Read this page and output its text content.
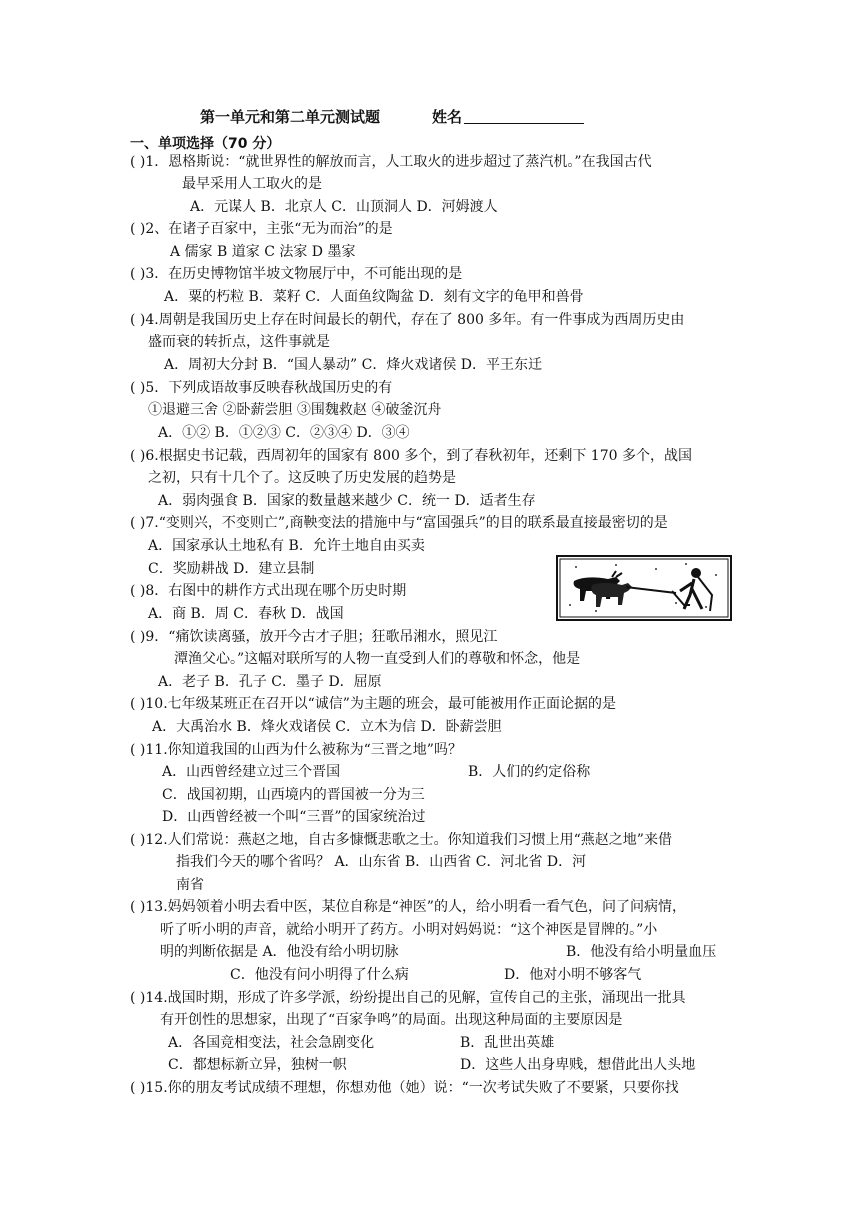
第一单元和第二单元测试题	姓名
一、单项选择（70 分）
( )1．恩格斯说：“就世界性的解放而言，人工取火的进步超过了蒸汽机。”在我国古代
最早采用人工取火的是
A．元谋人 B．北京人 C．山顶洞人 D．河姆渡人
( )2、在诸子百家中，主张“无为而治”的是
A 儒家 B 道家 C 法家 D 墨家
( )3．在历史博物馆半坡文物展厅中，不可能出现的是
A．粟的朽粒 B．菜籽 C．人面鱼纹陶盆 D．刻有文字的龟甲和兽骨
( )4.周朝是我国历史上存在时间最长的朝代，存在了 800 多年。有一件事成为西周历史由
盛而衰的转折点，这件事就是
A．周初大分封 B．“国人暴动” C．烽火戏诸侯 D．平王东迁
( )5．下列成语故事反映春秋战国历史的有
①退避三舍 ②卧薪尝胆 ③围魏救赵 ④破釜沉舟
A．①② B．①②③ C．②③④ D．③④
( )6.根据史书记载，西周初年的国家有 800 多个，到了春秋初年，还剩下 170 多个，战国
之初，只有十几个了。这反映了历史发展的趋势是
A．弱肉强食 B．国家的数量越来越少 C．统一 D．适者生存
( )7.“变则兴，不变则亡”,商鞅变法的措施中与“富国强兵”的目的联系最直接最密切的是
A．国家承认土地私有 B．允许土地自由买卖
C．奖励耕战 D．建立县制
( )8．右图中的耕作方式出现在哪个历史时期
A．商 B．周 C．春秋 D．战国
( )9．“痛饮读离骚，放开今古才子胆；狂歌吊湘水，照见江
潭渔父心。”这幅对联所写的人物一直受到人们的尊敬和怀念，他是
A．老子 B．孔子 C．墨子 D．屈原
( )10.七年级某班正在召开以“诚信”为主题的班会，最可能被用作正面论据的是
A．大禹治水 B．烽火戏诸侯 C．立木为信 D．卧薪尝胆
( )11.你知道我国的山西为什么被称为“三晋之地”吗？
A．山西曾经建立过三个晋国	B．人们的约定俗称
C．战国初期，山西境内的晋国被一分为三
D．山西曾经被一个叫“三晋”的国家统治过
( )12.人们常说：燕赵之地，自古多慷慨悲歌之士。你知道我们习惯上用“燕赵之地”来借
指我们今天的哪个省吗？ A．山东省 B．山西省 C．河北省 D．河
南省
( )13.妈妈领着小明去看中医，某位自称是“神医”的人，给小明看一看气色，问了问病情，
听了听小明的声音，就给小明开了药方。小明对妈妈说：“这个神医是冒牌的。”小
明的判断依据是 A．他没有给小明切脉	B．他没有给小明量血压
C．他没有问小明得了什么病	D．他对小明不够客气
( )14.战国时期，形成了许多学派，纷纷提出自己的见解，宣传自己的主张，涌现出一批具
有开创性的思想家，出现了“百家争鸣”的局面。出现这种局面的主要原因是
A．各国竞相变法，社会急剧变化	B．乱世出英雄
C．都想标新立异，独树一帜	D．这些人出身卑贱，想借此出人头地
( )15.你的朋友考试成绩不理想，你想劝他（她）说：“一次考试失败了不要紧，只要你找
